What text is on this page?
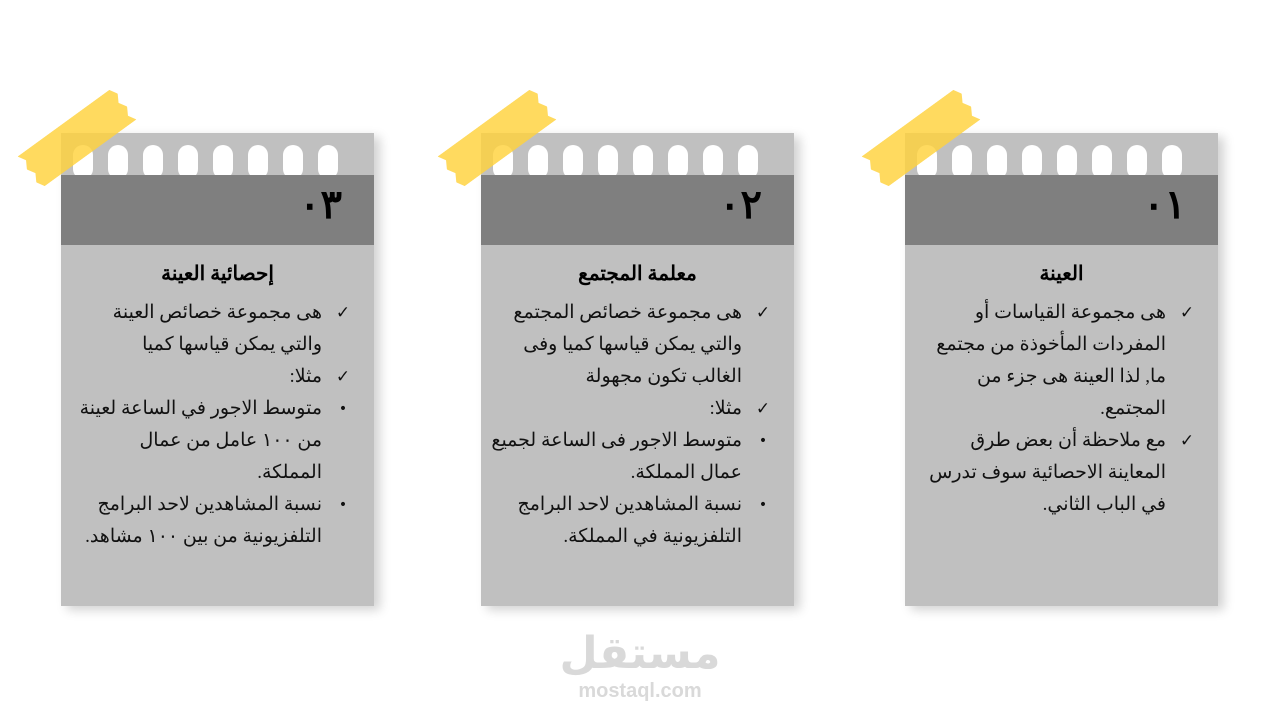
٠٣
إحصائية العينة
✓
هى مجموعة خصائص العينة والتي يمكن قياسها كميا
✓
مثلا:
•
متوسط الاجور في الساعة لعينة من ١٠٠ عامل من عمال المملكة.
•
نسبة المشاهدين لاحد البرامج التلفزيونية من بين ١٠٠ مشاهد.
٠٢
معلمة المجتمع
✓
هى مجموعة خصائص المجتمع والتي يمكن قياسها كميا وفى الغالب تكون مجهولة
✓
مثلا:
•
متوسط الاجور فى الساعة لجميع عمال المملكة.
•
نسبة المشاهدين لاحد البرامج التلفزيونية في المملكة.
٠١
العينة
✓
هى مجموعة القياسات أو المفردات المأخوذة من مجتمع ما, لذا العينة هى جزء من المجتمع.
✓
مع ملاحظة أن بعض طرق المعاينة الاحصائية سوف تدرس في الباب الثاني.
مستقل
mostaql.com
